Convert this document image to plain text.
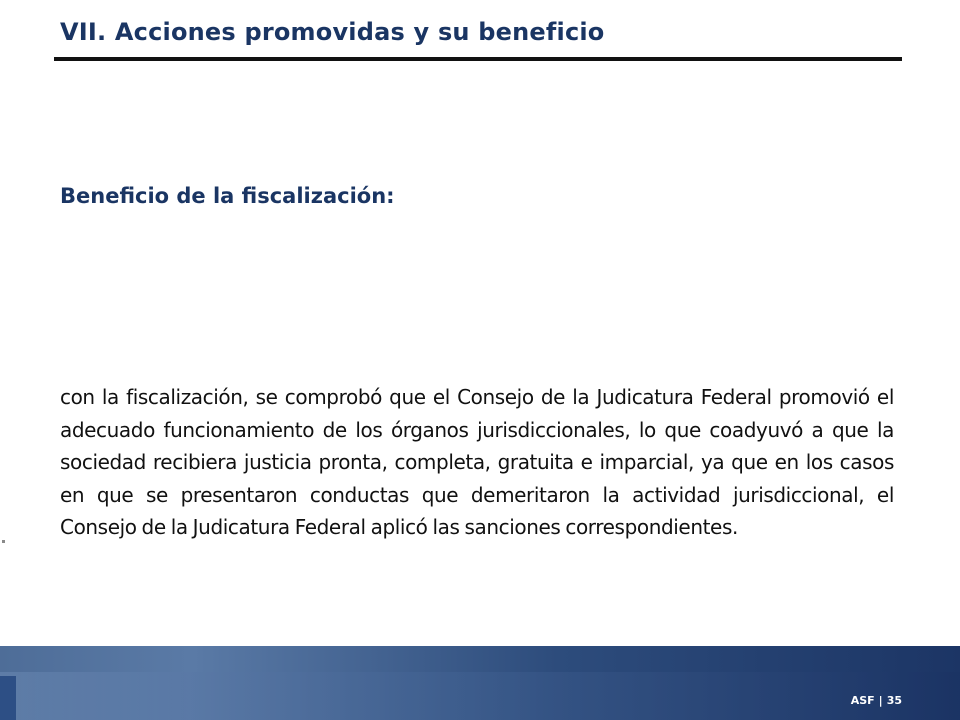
VII. Acciones promovidas y su beneficio
Beneficio de la fiscalización:
con la fiscalización, se comprobó que el Consejo de la Judicatura Federal promovió el adecuado funcionamiento de los órganos jurisdiccionales, lo que coadyuvó a que la sociedad recibiera justicia pronta, completa, gratuita e imparcial, ya que en los casos en que se presentaron conductas que demeritaron la actividad jurisdiccional, el Consejo de la Judicatura Federal aplicó las sanciones correspondientes.
ASF | 35
